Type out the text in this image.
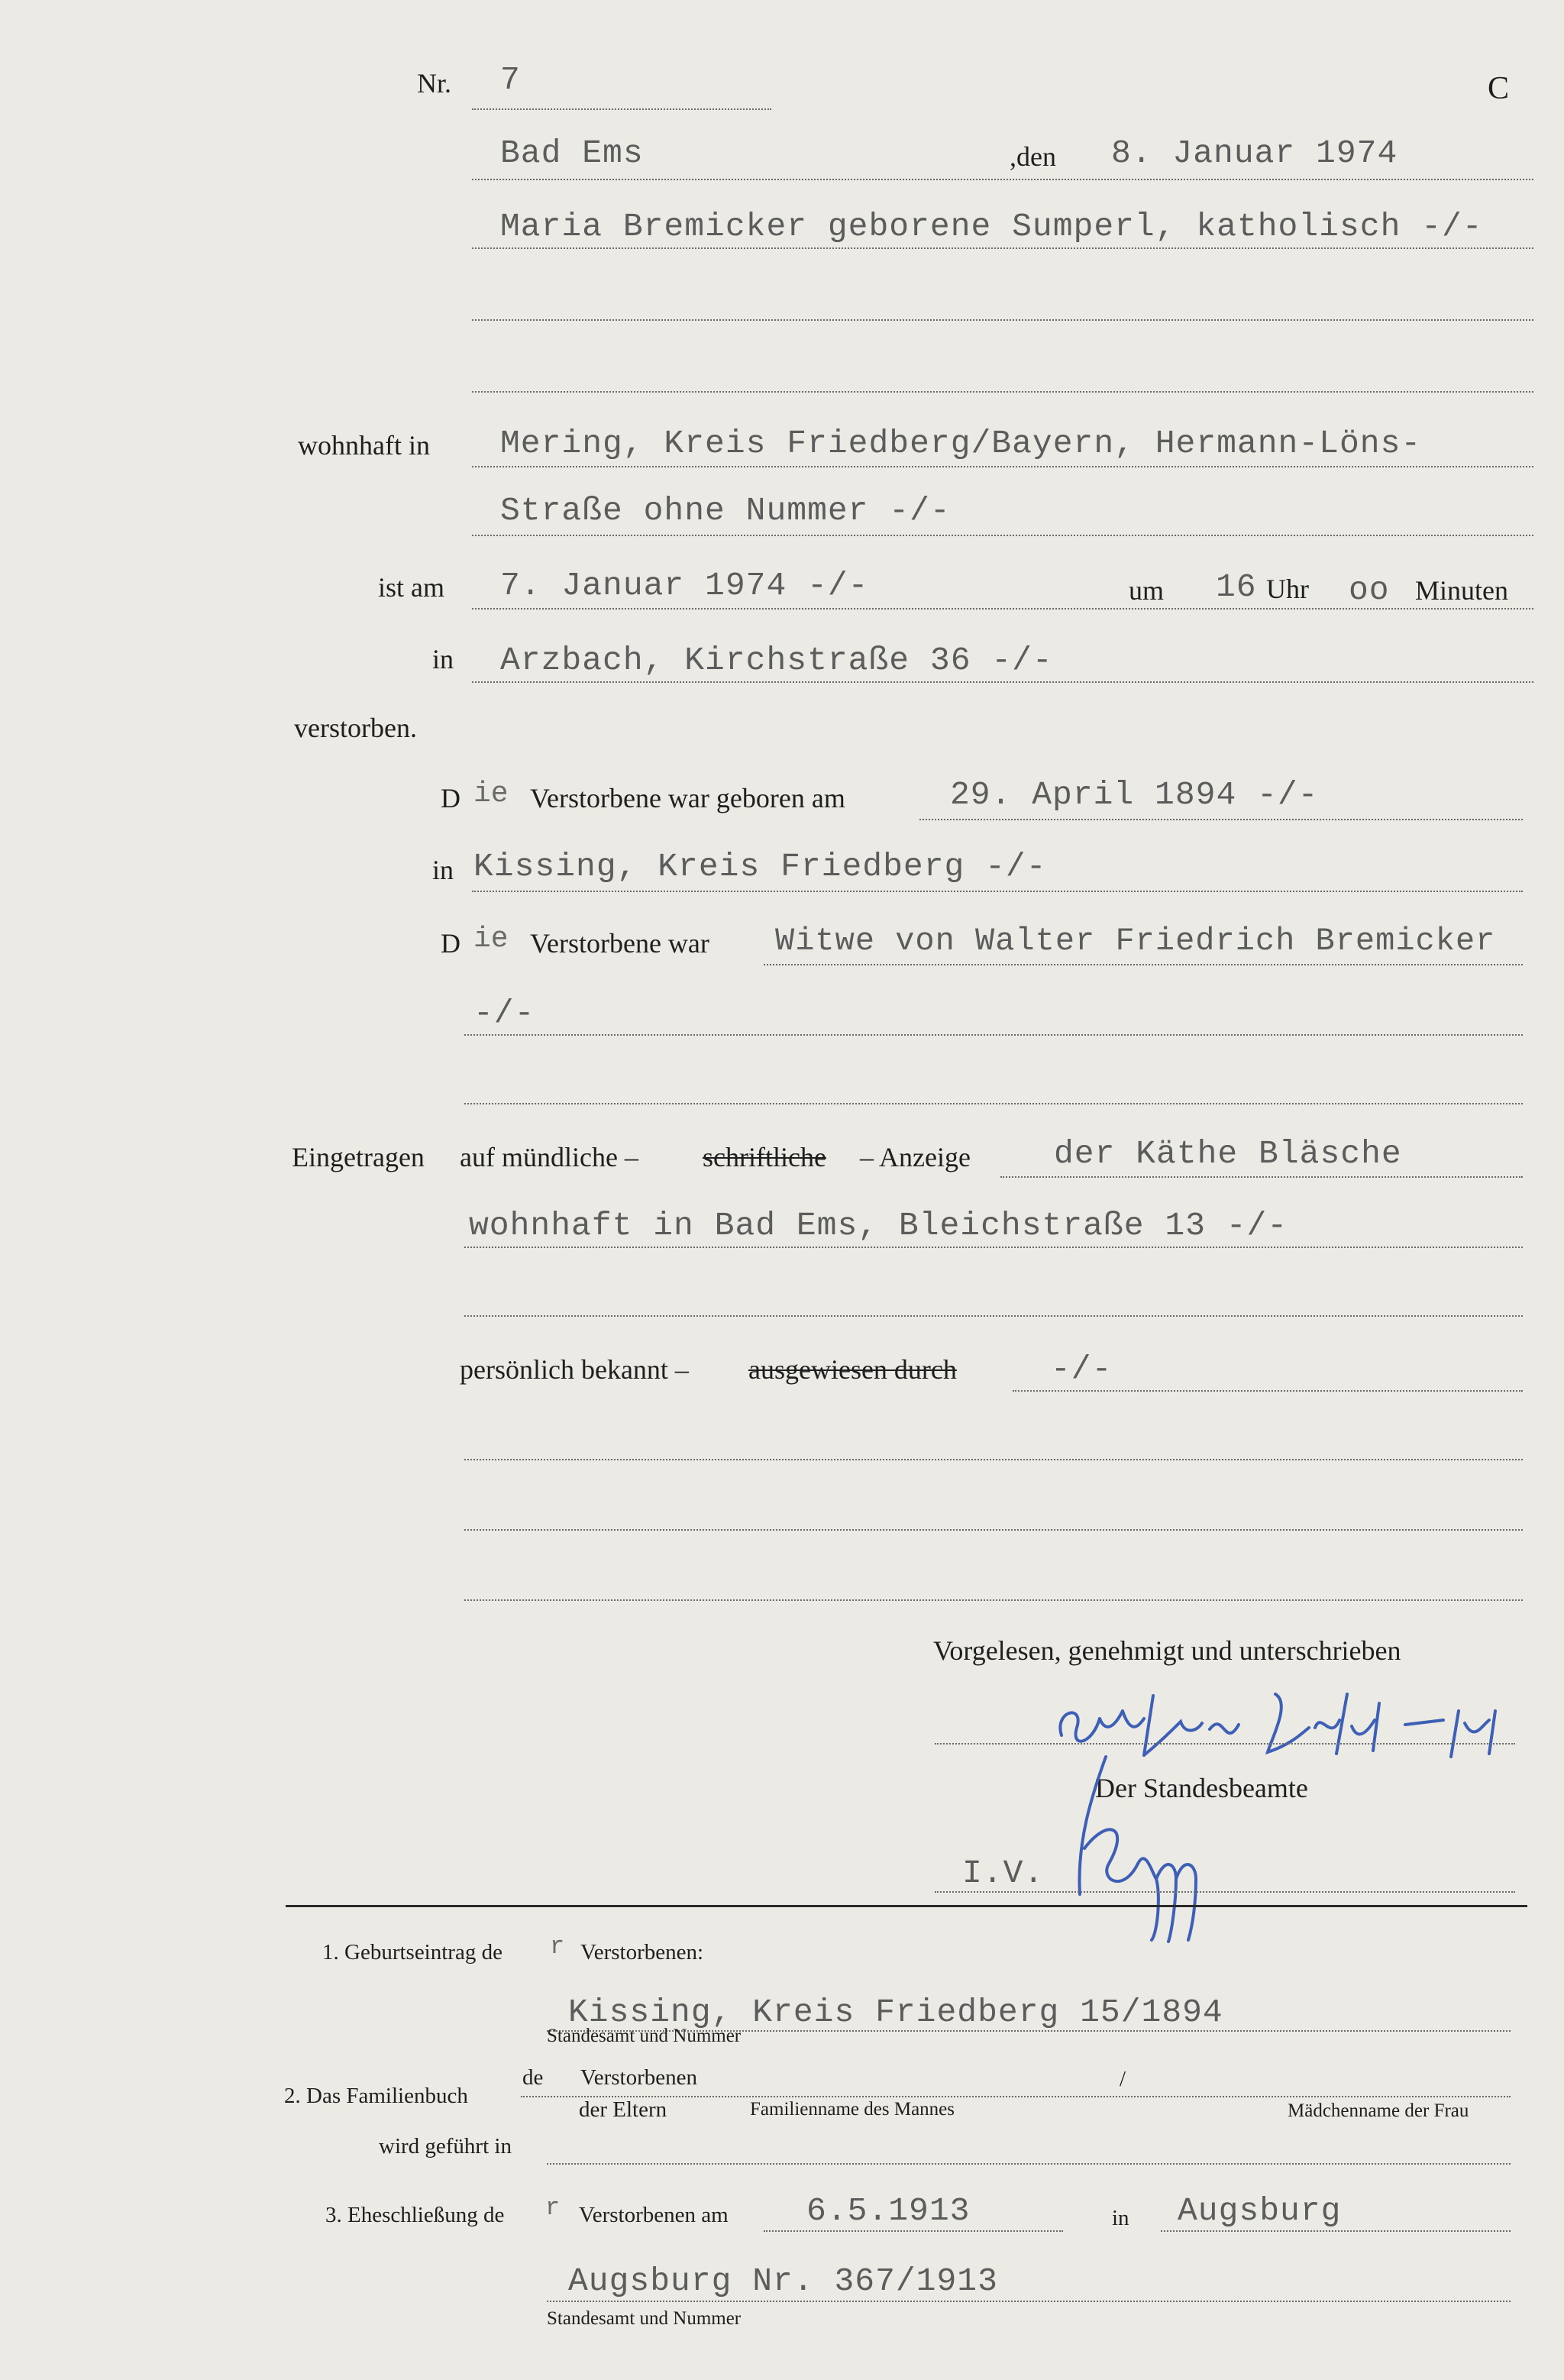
Nr. 7	C
Bad Ems	,den 8. Januar 1974
Maria Bremicker geborene Sumperl, katholisch -/-
wohnhaft in Mering, Kreis Friedberg/Bayern, Hermann-Löns-
Straße ohne Nummer -/-
ist am 7. Januar 1974 -/-	um 16 Uhr oo Minuten
in Arzbach, Kirchstraße 36 -/-
verstorben.
D ie Verstorbene war geboren am	29. April 1894 -/-
in Kissing, Kreis Friedberg -/-
D ie Verstorbene war Witwe von Walter Friedrich Bremicker
-/-
Eingetragen auf mündliche – schriftliche – Anzeige	der Käthe Bläsche
wohnhaft in Bad Ems, Bleichstraße 13 -/-
persönlich bekannt – ausgewiesen durch	-/-
Vorgelesen, genehmigt und unterschrieben
Der Standesbeamte
I.V.
1. Geburtseintrag de r Verstorbenen:
Kissing, Kreis Friedberg 15/1894
Standesamt und Nummer
2. Das Familienbuch
de Verstorbenen	/
der Eltern	Familienname des Mannes	Mädchenname der Frau
wird geführt in
3. Eheschließung de r Verstorbenen am 6.5.1913	in Augsburg
Augsburg Nr. 367/1913
Standesamt und Nummer
